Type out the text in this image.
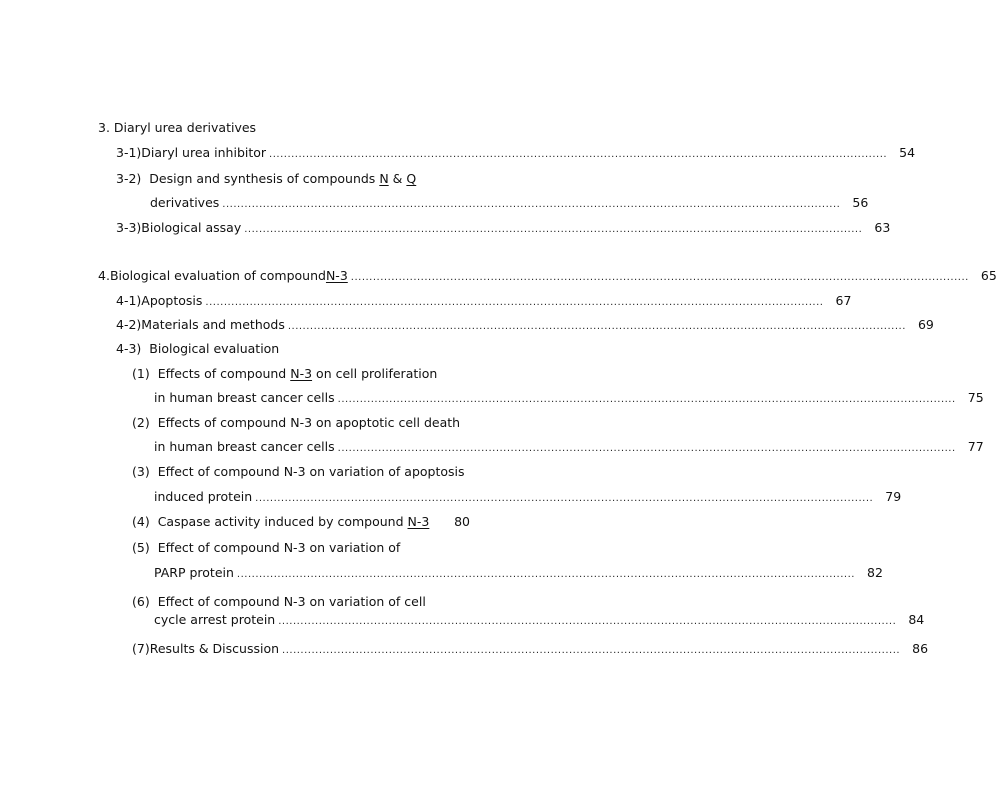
3. Diaryl urea derivatives
3-1) Diaryl urea inhibitor ........................................................................................................................................................................ 54
3-2) Design and synthesis of compounds N & Q
derivatives ........................................................................................................................................................................ 56
3-3) Biological assay ........................................................................................................................................................................ 63
4. Biological evaluation of compound N-3 ........................................................................................................................................................................ 65
4-1) Apoptosis ........................................................................................................................................................................ 67
4-2) Materials and methods ........................................................................................................................................................................ 69
4-3) Biological evaluation
(1) Effects of compound N-3 on cell proliferation
in human breast cancer cells ........................................................................................................................................................................ 75
(2) Effects of compound N-3 on apoptotic cell death
in human breast cancer cells ........................................................................................................................................................................ 77
(3) Effect of compound N-3 on variation of apoptosis
induced protein ........................................................................................................................................................................ 79
(4) Caspase activity induced by compound N-3	80
(5) Effect of compound N-3 on variation of
PARP protein ........................................................................................................................................................................ 82
(6) Effect of compound N-3 on variation of cell
cycle arrest protein ........................................................................................................................................................................ 84
(7) Results & Discussion ........................................................................................................................................................................ 86
